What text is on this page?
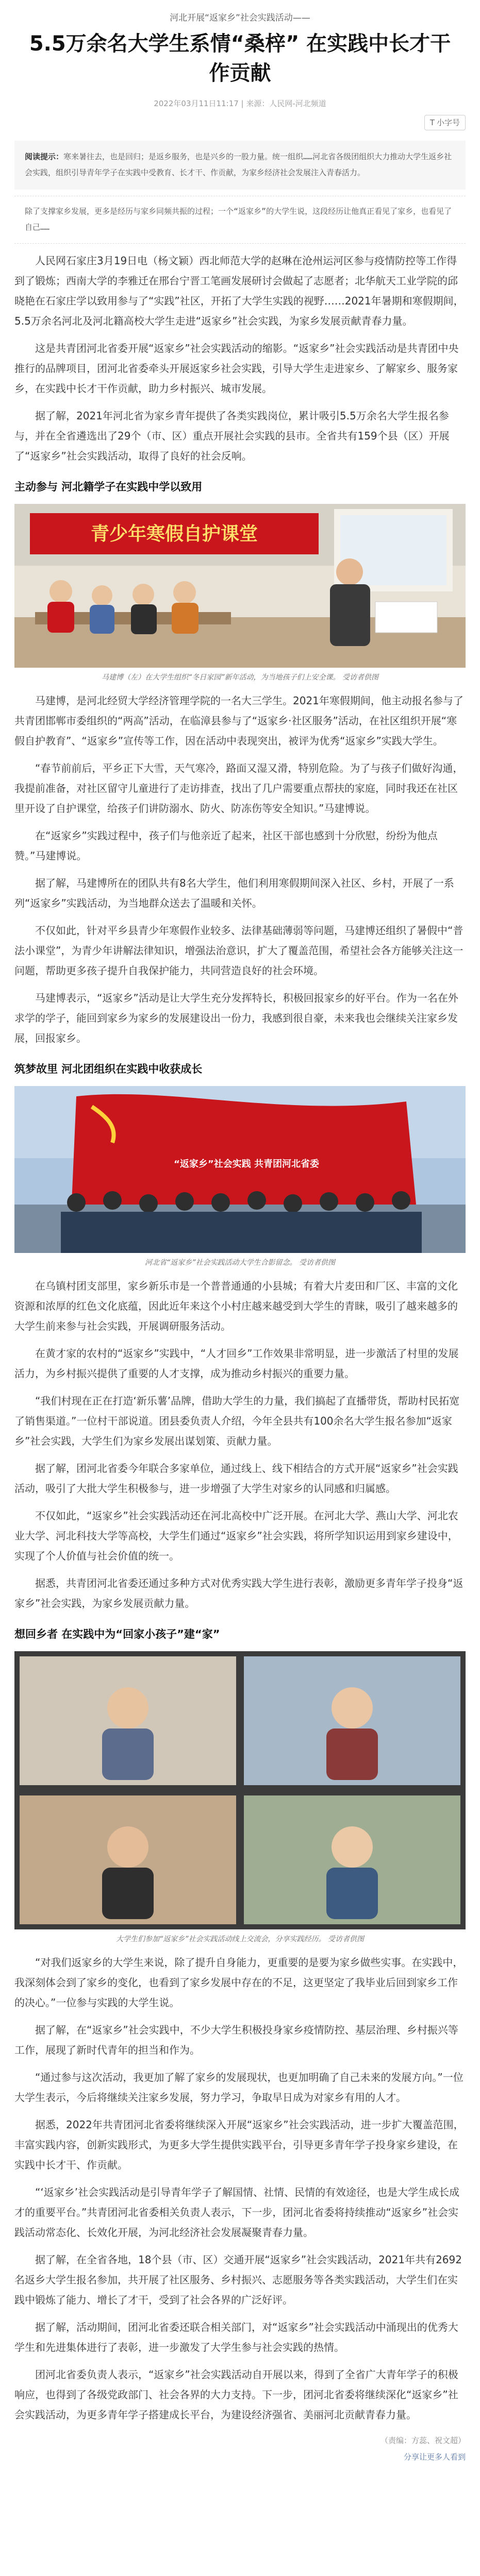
河北开展“返家乡”社会实践活动——
5.5万余名大学生系情“桑梓” 在实践中长才干作贡献
2022年03月11日11:17 | 来源：人民网-河北频道
T 小字号
阅读提示：寒来暑往去，也是回归；是返乡服务，也是兴乡的一股力量。统一组织……河北省各级团组织大力推动大学生返乡社会实践，组织引导青年学子在实践中受教育、长才干、作贡献，为家乡经济社会发展注入青春活力。
除了支撑家乡发展，更多是经历与家乡同频共振的过程；一个“返家乡”的大学生说，这段经历让他真正看见了家乡，也看见了自己……

人民网石家庄3月19日电（杨文颖）西北师范大学的赵琳在沧州运河区参与疫情防控等工作得到了锻炼；西南大学的李雅迁在邢台宁晋工笔画发展研讨会做起了志愿者；北华航天工业学院的邱晓艳在石家庄学以致用参与了“实践”社区，开拓了大学生实践的视野……2021年暑期和寒假期间，5.5万余名河北及河北籍高校大学生走进“返家乡”社会实践，为家乡发展贡献青春力量。

这是共青团河北省委开展“返家乡”社会实践活动的缩影。“返家乡”社会实践活动是共青团中央推行的品牌项目，团河北省委牵头开展返家乡社会实践，引导大学生走进家乡、了解家乡、服务家乡，在实践中长才干作贡献，助力乡村振兴、城市发展。

据了解，2021年河北省为家乡青年提供了各类实践岗位，累计吸引5.5万余名大学生报名参与，并在全省遴选出了29个（市、区）重点开展社会实践的县市。全省共有159个县（区）开展了“返家乡”社会实践活动，取得了良好的社会反响。

主动参与 河北籍学子在实践中学以致用
青少年寒假自护课堂
马建博（左）在大学生组织“冬日家园”新年活动，为当地孩子们上安全课。 受访者供图

马建博，是河北经贸大学经济管理学院的一名大三学生。2021年寒假期间，他主动报名参与了共青团邯郸市委组织的“两高”活动，在临漳县参与了“返家乡·社区服务”活动，在社区组织开展“寒假自护教育”、“返家乡”宣传等工作，因在活动中表现突出，被评为优秀“返家乡”实践大学生。

“春节前前后，平乡正下大雪，天气寒冷，路面又湿又滑，特别危险。为了与孩子们做好沟通，我提前准备，对社区留守儿童进行了走访排查，找出了几户需要重点帮扶的家庭，同时我还在社区里开设了自护课堂，给孩子们讲防溺水、防火、防冻伤等安全知识。”马建博说。

在“返家乡”实践过程中，孩子们与他亲近了起来，社区干部也感到十分欣慰，纷纷为他点赞。”马建博说。

据了解，马建博所在的团队共有8名大学生，他们利用寒假期间深入社区、乡村，开展了一系列“返家乡”实践活动，为当地群众送去了温暖和关怀。

不仅如此，针对平乡县青少年寒假作业较多、法律基础薄弱等问题，马建博还组织了暑假中“普法小课堂”，为青少年讲解法律知识，增强法治意识，扩大了覆盖范围，希望社会各方能够关注这一问题，帮助更多孩子提升自我保护能力，共同营造良好的社会环境。

马建博表示，“返家乡”活动是让大学生充分发挥特长，积极回报家乡的好平台。作为一名在外求学的学子，能回到家乡为家乡的发展建设出一份力，我感到很自豪，未来我也会继续关注家乡发展，回报家乡。

筑梦故里 河北团组织在实践中收获成长
“返家乡”社会实践 共青团河北省委
河北省“返家乡”社会实践活动大学生合影留念。 受访者供图

在乌镇村团支部里，家乡新乐市是一个普普通通的小县城；有着大片麦田和厂区、丰富的文化资源和浓厚的红色文化底蕴，因此近年来这个小村庄越来越受到大学生的青睐，吸引了越来越多的大学生前来参与社会实践，开展调研服务活动。

在黄才家的农村的“返家乡”实践中，“人才回乡”工作效果非常明显，进一步激活了村里的发展活力，为乡村振兴提供了重要的人才支撑，成为推动乡村振兴的重要力量。

“我们村现在正在打造‘新乐薯’品牌，借助大学生的力量，我们搞起了直播带货，帮助村民拓宽了销售渠道。”一位村干部说道。团县委负责人介绍，今年全县共有100余名大学生报名参加“返家乡”社会实践，大学生们为家乡发展出谋划策、贡献力量。

据了解，团河北省委今年联合多家单位，通过线上、线下相结合的方式开展“返家乡”社会实践活动，吸引了大批大学生积极参与，进一步增强了大学生对家乡的认同感和归属感。

不仅如此，“返家乡”社会实践活动还在河北高校中广泛开展。在河北大学、燕山大学、河北农业大学、河北科技大学等高校，大学生们通过“返家乡”社会实践，将所学知识运用到家乡建设中，实现了个人价值与社会价值的统一。

据悉，共青团河北省委还通过多种方式对优秀实践大学生进行表彰，激励更多青年学子投身“返家乡”社会实践，为家乡发展贡献力量。

想回乡者 在实践中为“回家小孩子”建“家”
大学生们参加“返家乡”社会实践活动线上交流会，分享实践经历。 受访者供图

“对我们返家乡的大学生来说，除了提升自身能力，更重要的是要为家乡做些实事。在实践中，我深刻体会到了家乡的变化，也看到了家乡发展中存在的不足，这更坚定了我毕业后回到家乡工作的决心。”一位参与实践的大学生说。

据了解，在“返家乡”社会实践中，不少大学生积极投身家乡疫情防控、基层治理、乡村振兴等工作，展现了新时代青年的担当和作为。

“通过参与这次活动，我更加了解了家乡的发展现状，也更加明确了自己未来的发展方向。”一位大学生表示，今后将继续关注家乡发展，努力学习，争取早日成为对家乡有用的人才。

据悉，2022年共青团河北省委将继续深入开展“返家乡”社会实践活动，进一步扩大覆盖范围，丰富实践内容，创新实践形式，为更多大学生提供实践平台，引导更多青年学子投身家乡建设，在实践中长才干、作贡献。

“‘返家乡’社会实践活动是引导青年学子了解国情、社情、民情的有效途径，也是大学生成长成才的重要平台。”共青团河北省委相关负责人表示，下一步，团河北省委将持续推动“返家乡”社会实践活动常态化、长效化开展，为河北经济社会发展凝聚青春力量。

据了解，在全省各地，18个县（市、区）交通开展“返家乡”社会实践活动，2021年共有2692名返乡大学生报名参加，共开展了社区服务、乡村振兴、志愿服务等各类实践活动，大学生们在实践中锻炼了能力、增长了才干，受到了社会各界的广泛好评。

据了解，活动期间，团河北省委还联合相关部门，对“返家乡”社会实践活动中涌现出的优秀大学生和先进集体进行了表彰，进一步激发了大学生参与社会实践的热情。

团河北省委负责人表示，“返家乡”社会实践活动自开展以来，得到了全省广大青年学子的积极响应，也得到了各级党政部门、社会各界的大力支持。下一步，团河北省委将继续深化“返家乡”社会实践活动，为更多青年学子搭建成长平台，为建设经济强省、美丽河北贡献青春力量。

（责编：方蕊、祝文超）
分享让更多人看到
